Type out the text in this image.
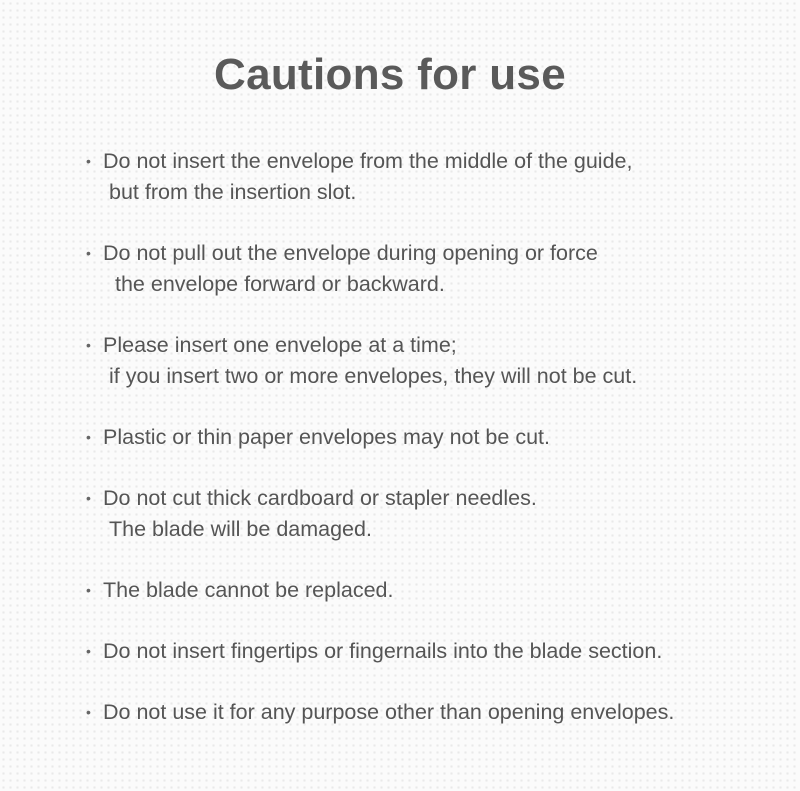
Cautions for use
• Do not insert the envelope from the middle of the guide,
but from the insertion slot.
• Do not pull out the envelope during opening or force
the envelope forward or backward.
• Please insert one envelope at a time;
if you insert two or more envelopes, they will not be cut.
• Plastic or thin paper envelopes may not be cut.
• Do not cut thick cardboard or stapler needles.
The blade will be damaged.
• The blade cannot be replaced.
• Do not insert fingertips or fingernails into the blade section.
• Do not use it for any purpose other than opening envelopes.
